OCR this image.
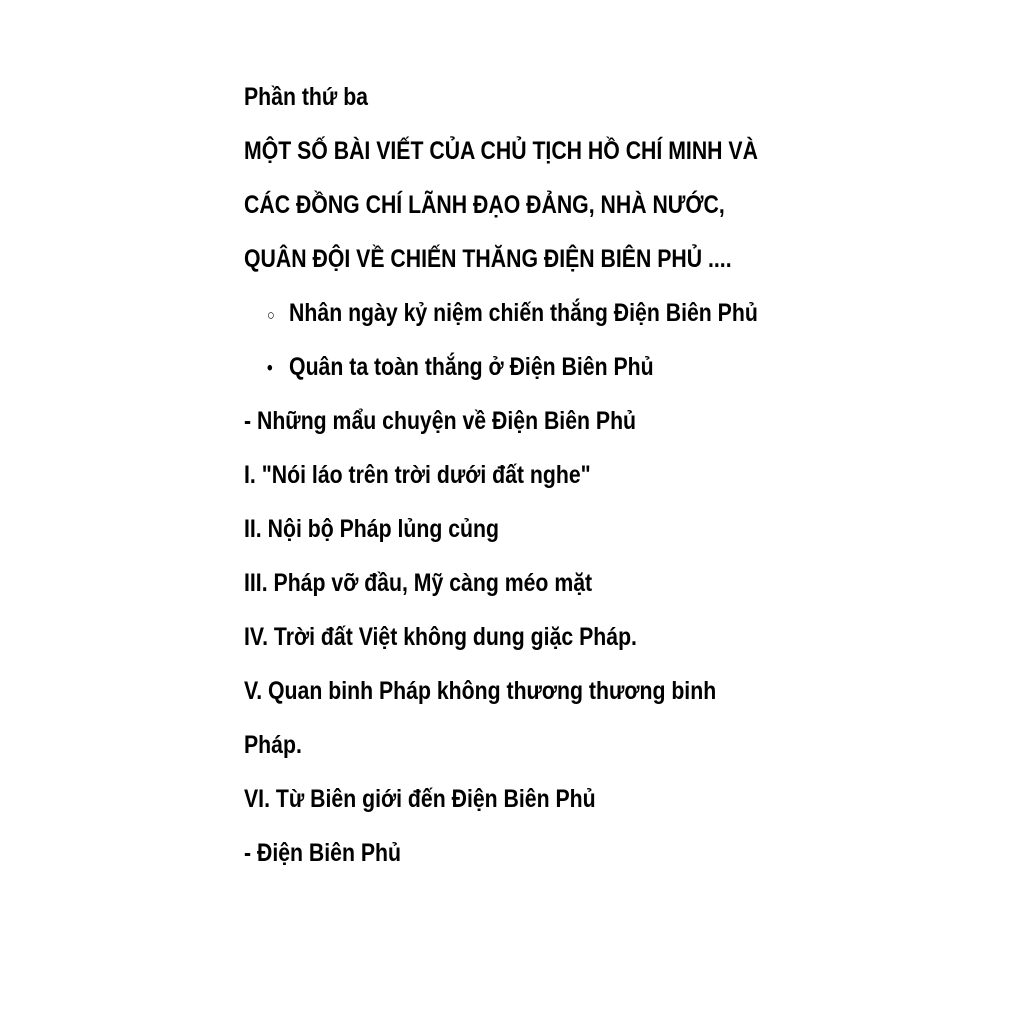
Phần thứ ba
MỘT SỐ BÀI VIẾT CỦA CHỦ TỊCH HỒ CHÍ MINH VÀ
CÁC ĐỒNG CHÍ LÃNH ĐẠO ĐẢNG, NHÀ NƯỚC,
QUÂN ĐỘI VỀ CHIẾN THĂNG ĐIỆN BIÊN PHỦ ....
○ Nhân ngày kỷ niệm chiến thắng Điện Biên Phủ
• Quân ta toàn thắng ở Điện Biên Phủ
- Những mẩu chuyện về Điện Biên Phủ
I. "Nói láo trên trời dưới đất nghe"
II. Nội bộ Pháp lủng củng
III. Pháp vỡ đầu, Mỹ càng méo mặt
IV. Trời đất Việt không dung giặc Pháp.
V. Quan binh Pháp không thương thương binh
Pháp.
VI. Từ Biên giới đến Điện Biên Phủ
- Điện Biên Phủ
